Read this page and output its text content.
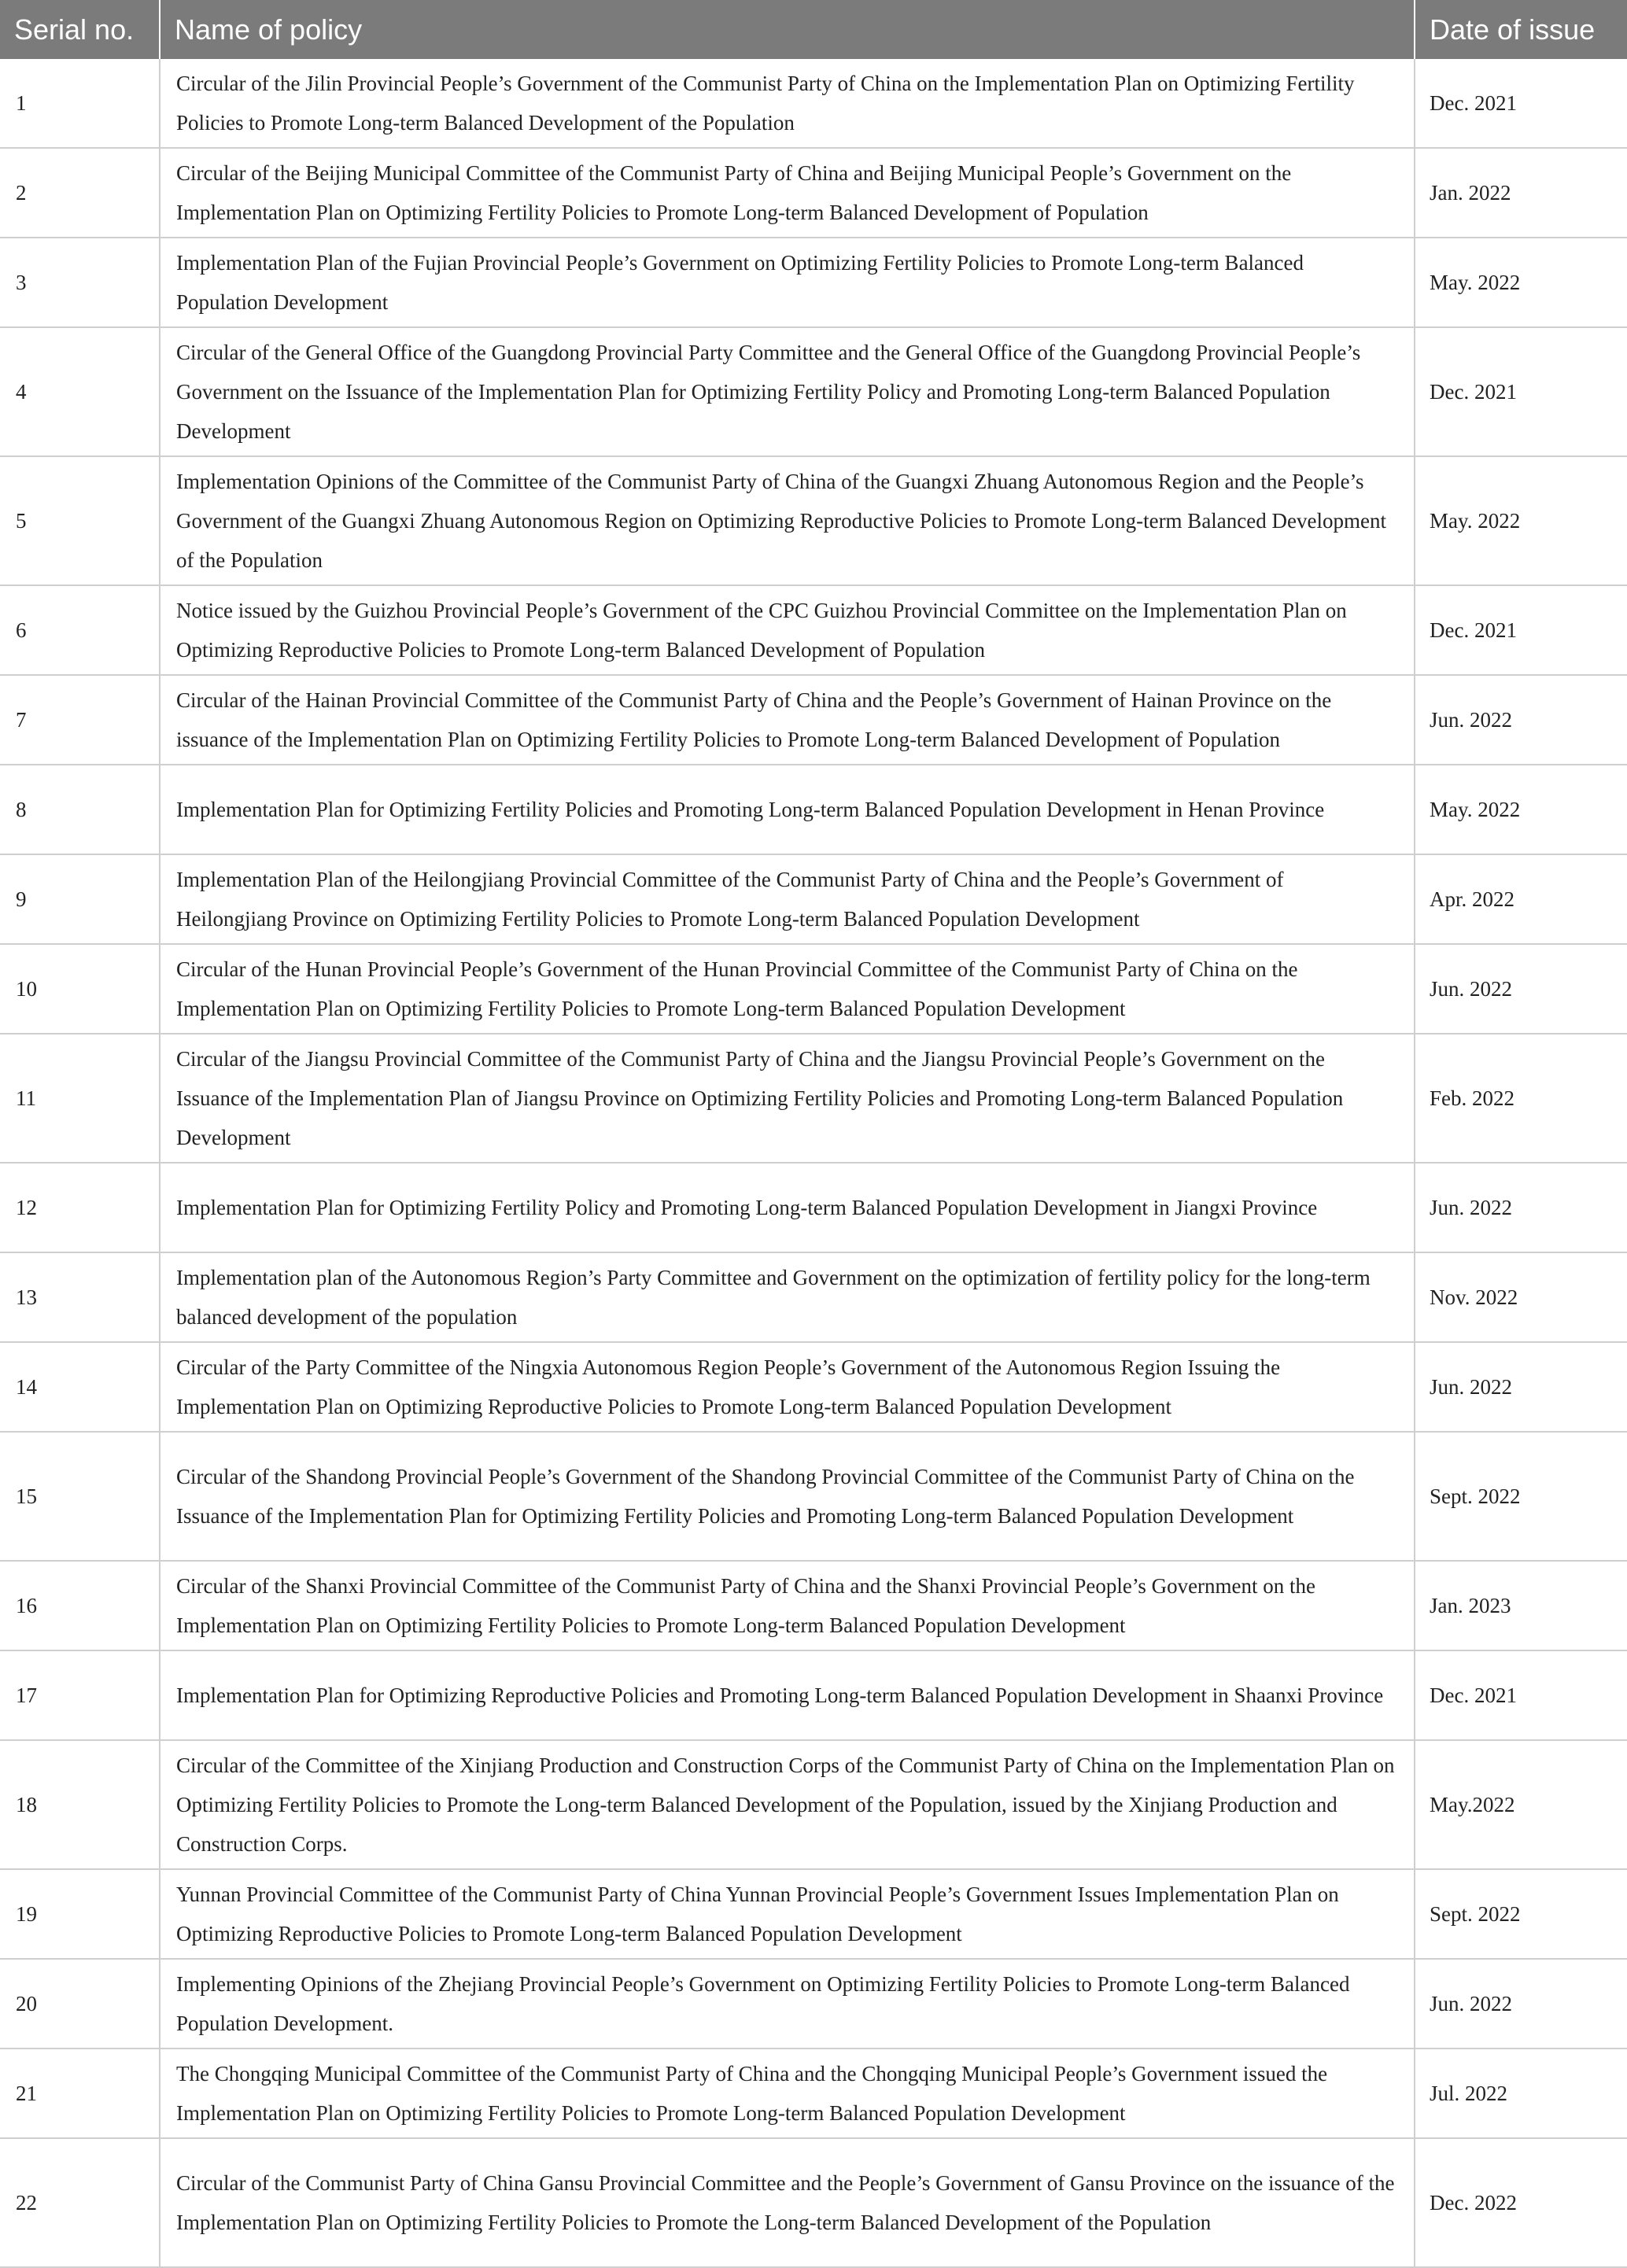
Serial no.	Name of policy	Date of issue
1	Circular of the Jilin Provincial People’s Government of the Communist Party of China on the Implementation Plan on Optimizing Fertility Policies to Promote Long-term Balanced Development of the Population	Dec. 2021
2	Circular of the Beijing Municipal Committee of the Communist Party of China and Beijing Municipal People’s Government on the Implementation Plan on Optimizing Fertility Policies to Promote Long-term Balanced Development of Population	Jan. 2022
3	Implementation Plan of the Fujian Provincial People’s Government on Optimizing Fertility Policies to Promote Long-term Balanced Population Development	May. 2022
4	Circular of the General Office of the Guangdong Provincial Party Committee and the General Office of the Guangdong Provincial People’s Government on the Issuance of the Implementation Plan for Optimizing Fertility Policy and Promoting Long-term Balanced Population Development	Dec. 2021
5	Implementation Opinions of the Committee of the Communist Party of China of the Guangxi Zhuang Autonomous Region and the People’s Government of the Guangxi Zhuang Autonomous Region on Optimizing Reproductive Policies to Promote Long-term Balanced Development of the Population	May. 2022
6	Notice issued by the Guizhou Provincial People’s Government of the CPC Guizhou Provincial Committee on the Implementation Plan on Optimizing Reproductive Policies to Promote Long-term Balanced Development of Population	Dec. 2021
7	Circular of the Hainan Provincial Committee of the Communist Party of China and the People’s Government of Hainan Province on the issuance of the Implementation Plan on Optimizing Fertility Policies to Promote Long-term Balanced Development of Population	Jun. 2022
8	Implementation Plan for Optimizing Fertility Policies and Promoting Long-term Balanced Population Development in Henan Province	May. 2022
9	Implementation Plan of the Heilongjiang Provincial Committee of the Communist Party of China and the People’s Government of Heilongjiang Province on Optimizing Fertility Policies to Promote Long-term Balanced Population Development	Apr. 2022
10	Circular of the Hunan Provincial People’s Government of the Hunan Provincial Committee of the Communist Party of China on the Implementation Plan on Optimizing Fertility Policies to Promote Long-term Balanced Population Development	Jun. 2022
11	Circular of the Jiangsu Provincial Committee of the Communist Party of China and the Jiangsu Provincial People’s Government on the Issuance of the Implementation Plan of Jiangsu Province on Optimizing Fertility Policies and Promoting Long-term Balanced Population Development	Feb. 2022
12	Implementation Plan for Optimizing Fertility Policy and Promoting Long-term Balanced Population Development in Jiangxi Province	Jun. 2022
13	Implementation plan of the Autonomous Region’s Party Committee and Government on the optimization of fertility policy for the long-term balanced development of the population	Nov. 2022
14	Circular of the Party Committee of the Ningxia Autonomous Region People’s Government of the Autonomous Region Issuing the Implementation Plan on Optimizing Reproductive Policies to Promote Long-term Balanced Population Development	Jun. 2022
15	Circular of the Shandong Provincial People’s Government of the Shandong Provincial Committee of the Communist Party of China on the Issuance of the Implementation Plan for Optimizing Fertility Policies and Promoting Long-term Balanced Population Development	Sept. 2022
16	Circular of the Shanxi Provincial Committee of the Communist Party of China and the Shanxi Provincial People’s Government on the Implementation Plan on Optimizing Fertility Policies to Promote Long-term Balanced Population Development	Jan. 2023
17	Implementation Plan for Optimizing Reproductive Policies and Promoting Long-term Balanced Population Development in Shaanxi Province	Dec. 2021
18	Circular of the Committee of the Xinjiang Production and Construction Corps of the Communist Party of China on the Implementation Plan on Optimizing Fertility Policies to Promote the Long-term Balanced Development of the Population, issued by the Xinjiang Production and Construction Corps.	May.2022
19	Yunnan Provincial Committee of the Communist Party of China Yunnan Provincial People’s Government Issues Implementation Plan on Optimizing Reproductive Policies to Promote Long-term Balanced Population Development	Sept. 2022
20	Implementing Opinions of the Zhejiang Provincial People’s Government on Optimizing Fertility Policies to Promote Long-term Balanced Population Development.	Jun. 2022
21	The Chongqing Municipal Committee of the Communist Party of China and the Chongqing Municipal People’s Government issued the Implementation Plan on Optimizing Fertility Policies to Promote Long-term Balanced Population Development	Jul. 2022
22	Circular of the Communist Party of China Gansu Provincial Committee and the People’s Government of Gansu Province on the issuance of the Implementation Plan on Optimizing Fertility Policies to Promote the Long-term Balanced Development of the Population	Dec. 2022
